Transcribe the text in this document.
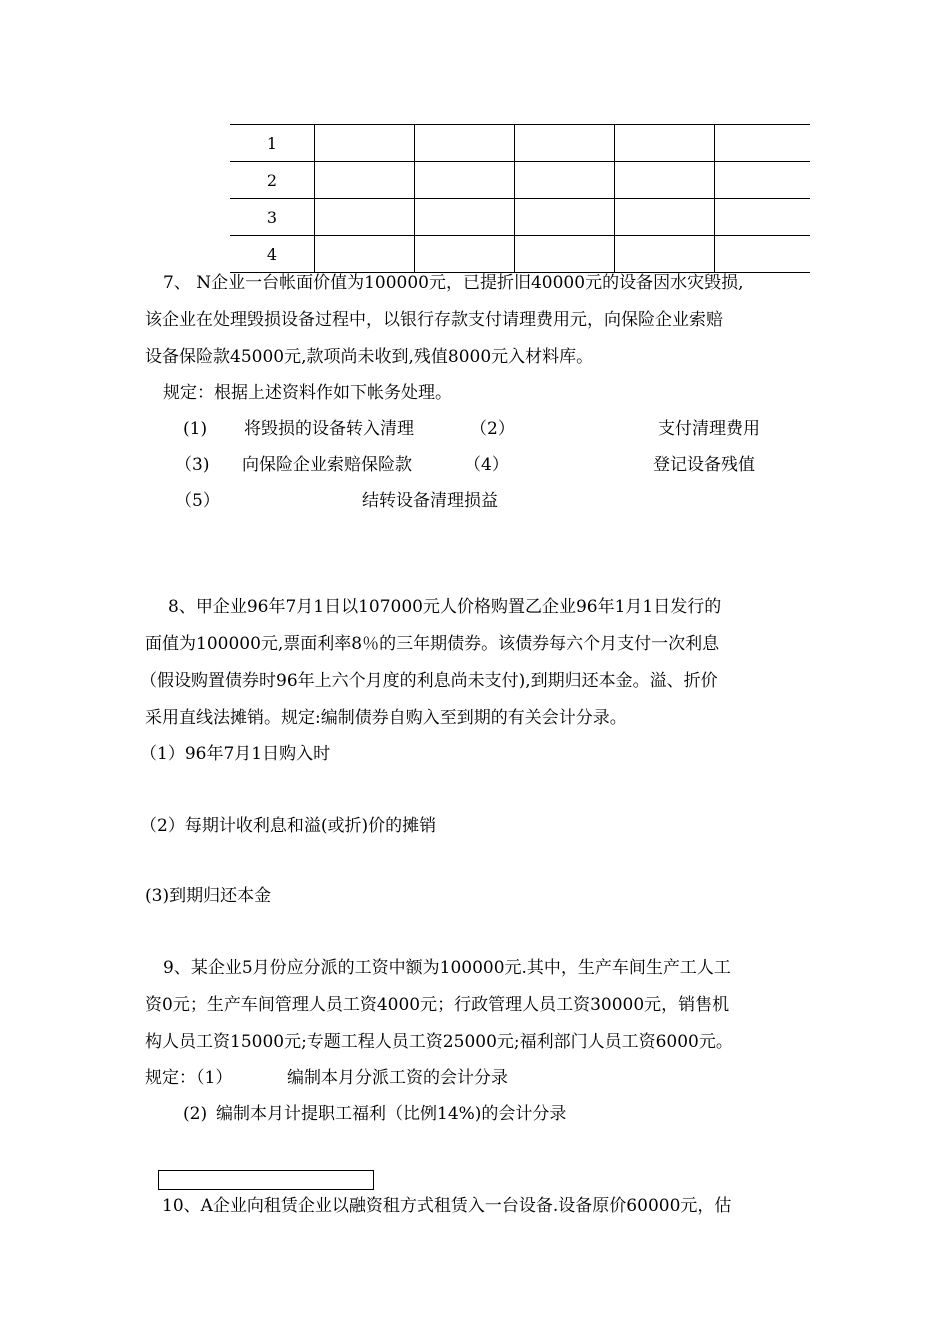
1					
2					
3					
4					
7、 N企业一台帐面价值为100000元，已提折旧40000元的设备因水灾毁损,
该企业在处理毁损设备过程中，以银行存款支付请理费用元，向保险企业索赔
设备保险款45000元,款项尚未收到,残值8000元入材料库。
规定：根据上述资料作如下帐务处理。
(1) 将毁损的设备转入清理	（2）	支付清理费用
（3) 向保险企业索赔保险款	（4）	登记设备残值
（5）	结转设备清理损益
8、甲企业96年7月1日以107000元人价格购置乙企业96年1月1日发行的
面值为100000元,票面利率8％的三年期债券。该债券每六个月支付一次利息
（假设购置债券时96年上六个月度的利息尚未支付),到期归还本金。溢、折价
采用直线法摊销。规定:编制债券自购入至到期的有关会计分录。
（1）96年7月1日购入时
（2）每期计收利息和溢(或折)价的摊销
(3)到期归还本金
9、某企业5月份应分派的工资中额为100000元.其中，生产车间生产工人工
资0元；生产车间管理人员工资4000元；行政管理人员工资30000元，销售机
构人员工资15000元;专题工程人员工资25000元;福利部门人员工资6000元。
规定：（1）	编制本月分派工资的会计分录
(2) 编制本月计提职工福利（比例14%)的会计分录
10、A企业向租赁企业以融资租方式租赁入一台设备.设备原价60000元，估
